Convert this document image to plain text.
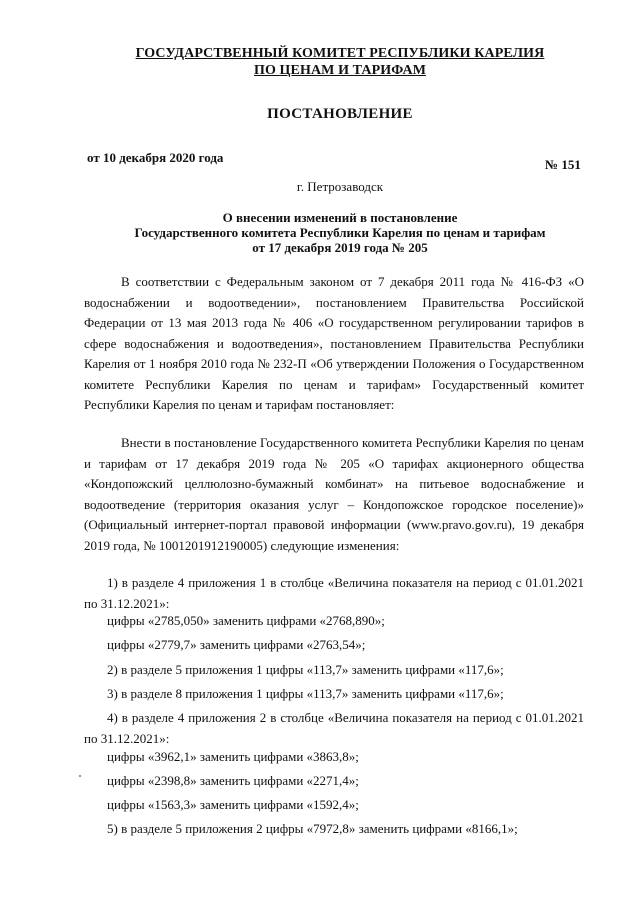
ГОСУДАРСТВЕННЫЙ КОМИТЕТ РЕСПУБЛИКИ КАРЕЛИЯ
ПО ЦЕНАМ И ТАРИФАМ
ПОСТАНОВЛЕНИЕ
от 10 декабря 2020 года	№ 151
г. Петрозаводск
О внесении изменений в постановление
Государственного комитета Республики Карелия по ценам и тарифам
от 17 декабря 2019 года № 205

В соответствии с Федеральным законом от 7 декабря 2011 года № 416-ФЗ «О водоснабжении и водоотведении», постановлением Правительства Российской Федерации от 13 мая 2013 года № 406 «О государственном регулировании тарифов в сфере водоснабжения и водоотведения», постановлением Правительства Республики Карелия от 1 ноября 2010 года № 232-П «Об утверждении Положения о Государственном комитете Республики Карелия по ценам и тарифам» Государственный комитет Республики Карелия по ценам и тарифам постановляет:

Внести в постановление Государственного комитета Республики Карелия по ценам и тарифам от 17 декабря 2019 года № 205 «О тарифах акционерного общества «Кондопожский целлюлозно-бумажный комбинат» на питьевое водоснабжение и водоотведение (территория оказания услуг – Кондопожское городское поселение)» (Официальный интернет-портал правовой информации (www.pravo.gov.ru), 19 декабря 2019 года, № 1001201912190005) следующие изменения:

1) в разделе 4 приложения 1 в столбце «Величина показателя на период с 01.01.2021 по 31.12.2021»:
цифры «2785,050» заменить цифрами «2768,890»;
цифры «2779,7» заменить цифрами «2763,54»;
2) в разделе 5 приложения 1 цифры «113,7» заменить цифрами «117,6»;
3) в разделе 8 приложения 1 цифры «113,7» заменить цифрами «117,6»;
4) в разделе 4 приложения 2 в столбце «Величина показателя на период с 01.01.2021 по 31.12.2021»:
цифры «3962,1» заменить цифрами «3863,8»;
цифры «2398,8» заменить цифрами «2271,4»;
цифры «1563,3» заменить цифрами «1592,4»;
5) в разделе 5 приложения 2 цифры «7972,8» заменить цифрами «8166,1»;
